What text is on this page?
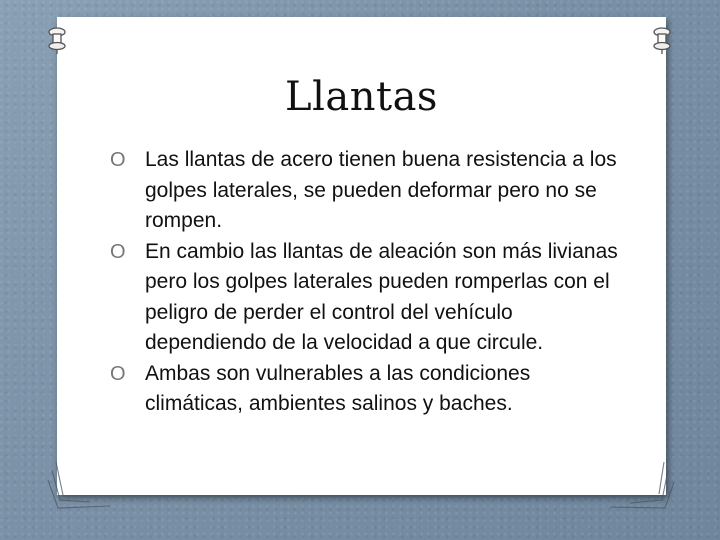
Llantas
O Las llantas de acero tienen buena resistencia a los golpes laterales, se pueden deformar pero no se rompen.
O En cambio las llantas de aleación son más livianas pero los golpes laterales pueden romperlas con el peligro de perder el control del vehículo dependiendo de la velocidad a que circule.
O Ambas son vulnerables a las condiciones climáticas, ambientes salinos y baches.
